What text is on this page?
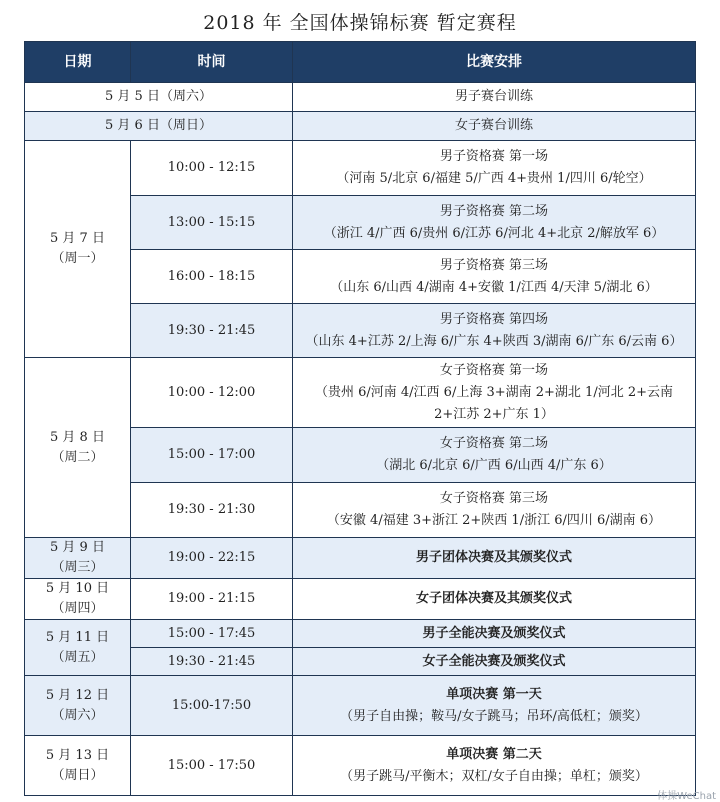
2018 年 全国体操锦标赛 暂定赛程
日期	时间	比赛安排
5 月 5 日（周六）		男子赛台训练
5 月 6 日（周日）		女子赛台训练

5 月 7 日
（周一）	10:00 - 12:15	男子资格赛 第一场
（河南 5/北京 6/福建 5/广西 4+贵州 1/四川 6/轮空）

	13:00 - 15:15	男子资格赛 第二场
（浙江 4/广西 6/贵州 6/江苏 6/河北 4+北京 2/解放军 6）

	16:00 - 18:15	男子资格赛 第三场
（山东 6/山西 4/湖南 4+安徽 1/江西 4/天津 5/湖北 6）

	19:30 - 21:45	男子资格赛 第四场
（山东 4+江苏 2/上海 6/广东 4+陕西 3/湖南 6/广东 6/云南 6）

5 月 8 日
（周二）	10:00 - 12:00	女子资格赛 第一场
（贵州 6/河南 4/江西 6/上海 3+湖南 2+湖北 1/河北 2+云南
2+江苏 2+广东 1）

	15:00 - 17:00	女子资格赛 第二场
（湖北 6/北京 6/广西 6/山西 4/广东 6）

	19:30 - 21:30	女子资格赛 第三场
（安徽 4/福建 3+浙江 2+陕西 1/浙江 6/四川 6/湖南 6）

5 月 9 日
（周三）	19:00 - 22:15	男子团体决赛及其颁奖仪式

5 月 10 日
（周四）	19:00 - 21:15	女子团体决赛及其颁奖仪式

5 月 11 日
（周五）	15:00 - 17:45	男子全能决赛及颁奖仪式
	19:30 - 21:45	女子全能决赛及颁奖仪式

5 月 12 日
（周六）	15:00-17:50	单项决赛 第一天
（男子自由操；鞍马/女子跳马；吊环/高低杠；颁奖）

5 月 13 日
（周日）	15:00 - 17:50	单项决赛 第二天
（男子跳马/平衡木；双杠/女子自由操；单杠；颁奖）
体操WeChat
